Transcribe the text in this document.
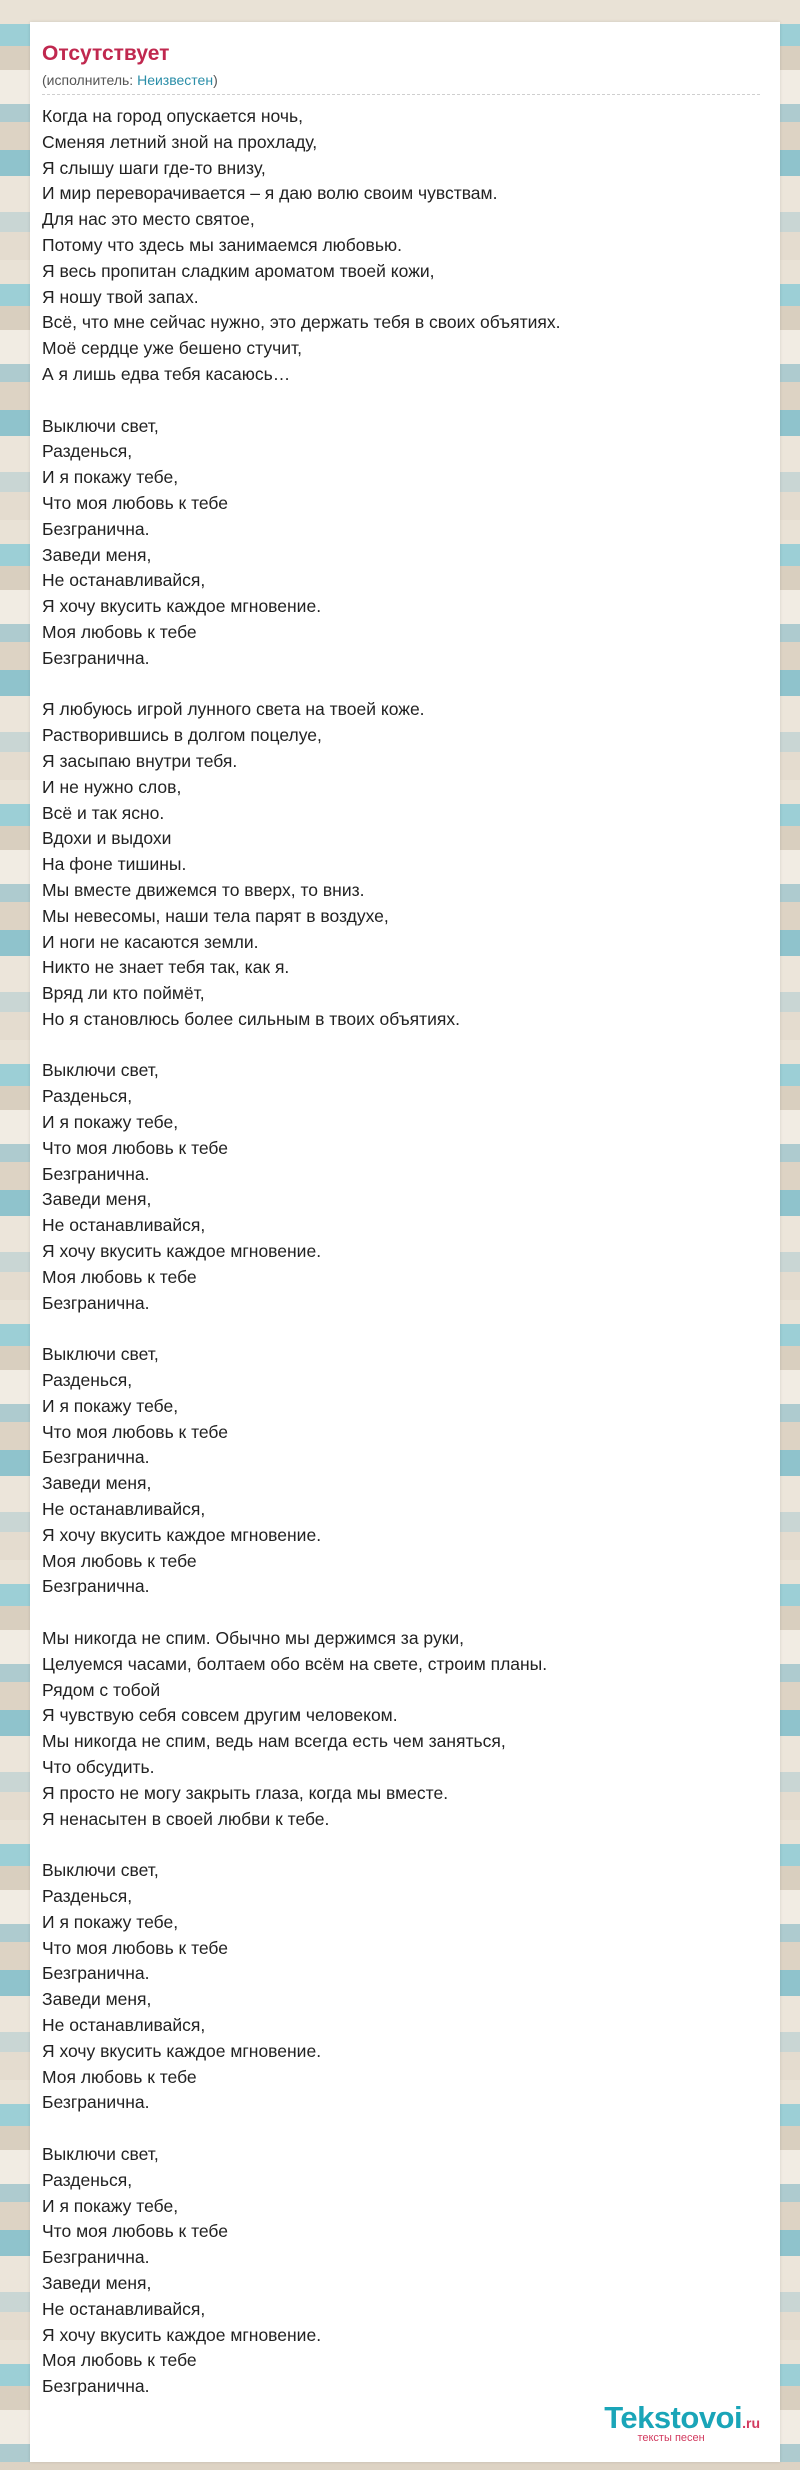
Отсутствует
(исполнитель: Неизвестен)
Когда на город опускается ночь,
Сменяя летний зной на прохладу,
Я слышу шаги где-то внизу,
И мир переворачивается – я даю волю своим чувствам.
Для нас это место святое,
Потому что здесь мы занимаемся любовью.
Я весь пропитан сладким ароматом твоей кожи,
Я ношу твой запах.
Всё, что мне сейчас нужно, это держать тебя в своих объятиях.
Моё сердце уже бешено стучит,
А я лишь едва тебя касаюсь…
Выключи свет,
Разденься,
И я покажу тебе,
Что моя любовь к тебе
Безгранична.
Заведи меня,
Не останавливайся,
Я хочу вкусить каждое мгновение.
Моя любовь к тебе
Безгранична.
Я любуюсь игрой лунного света на твоей коже.
Растворившись в долгом поцелуе,
Я засыпаю внутри тебя.
И не нужно слов,
Всё и так ясно.
Вдохи и выдохи
На фоне тишины.
Мы вместе движемся то вверх, то вниз.
Мы невесомы, наши тела парят в воздухе,
И ноги не касаются земли.
Никто не знает тебя так, как я.
Вряд ли кто поймёт,
Но я становлюсь более сильным в твоих объятиях.
Выключи свет,
Разденься,
И я покажу тебе,
Что моя любовь к тебе
Безгранична.
Заведи меня,
Не останавливайся,
Я хочу вкусить каждое мгновение.
Моя любовь к тебе
Безгранична.
Выключи свет,
Разденься,
И я покажу тебе,
Что моя любовь к тебе
Безгранична.
Заведи меня,
Не останавливайся,
Я хочу вкусить каждое мгновение.
Моя любовь к тебе
Безгранична.
Мы никогда не спим. Обычно мы держимся за руки,
Целуемся часами, болтаем обо всём на свете, строим планы.
Рядом с тобой
Я чувствую себя совсем другим человеком.
Мы никогда не спим, ведь нам всегда есть чем заняться,
Что обсудить.
Я просто не могу закрыть глаза, когда мы вместе.
Я ненасытен в своей любви к тебе.
Выключи свет,
Разденься,
И я покажу тебе,
Что моя любовь к тебе
Безгранична.
Заведи меня,
Не останавливайся,
Я хочу вкусить каждое мгновение.
Моя любовь к тебе
Безгранична.
Выключи свет,
Разденься,
И я покажу тебе,
Что моя любовь к тебе
Безгранична.
Заведи меня,
Не останавливайся,
Я хочу вкусить каждое мгновение.
Моя любовь к тебе
Безгранична.
Tekstovoi.ru
тексты песен
